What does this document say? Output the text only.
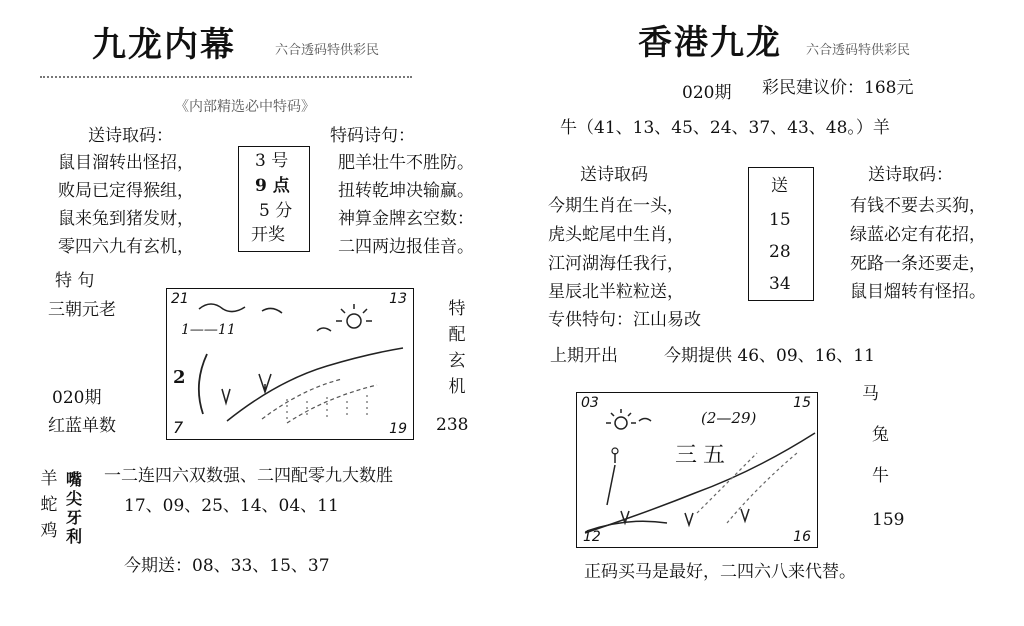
九龙内幕	六合透码特供彩民
《内部精选必中特码》
送诗取码：
鼠目溜转出怪招，
败局已定得猴组，
鼠来兔到猪发财，
零四六九有玄机，
3 号
9 点
5 分
开奖
特码诗句：
肥羊壮牛不胜防。
扭转乾坤决输赢。
神算金牌玄空数：
二四两边报佳音。
特 句
三朝元老
020期
红蓝单数
21	13
7	19
1——11
2
特配玄机
238
羊蛇鸡
嘴尖牙利
一二连四六双数强、二四配零九大数胜
17、09、25、14、04、11
今期送：08、33、15、37
香港九龙 六合透码特供彩民
020期 彩民建议价：168元
牛（41、13、45、24、37、43、48。）羊
送诗取码
今期生肖在一头，
虎头蛇尾中生肖，
江河湖海任我行，
星辰北半粒粒送，
专供特句：江山易改
送
15
28
34
送诗取码：
有钱不要去买狗，
绿蓝必定有花招，
死路一条还要走，
鼠目熘转有怪招。
上期开出	今期提供 46、09、16、11
03	15
12	16
(2—29)
三五
马
兔
牛
159
正码买马是最好，二四六八来代替。
